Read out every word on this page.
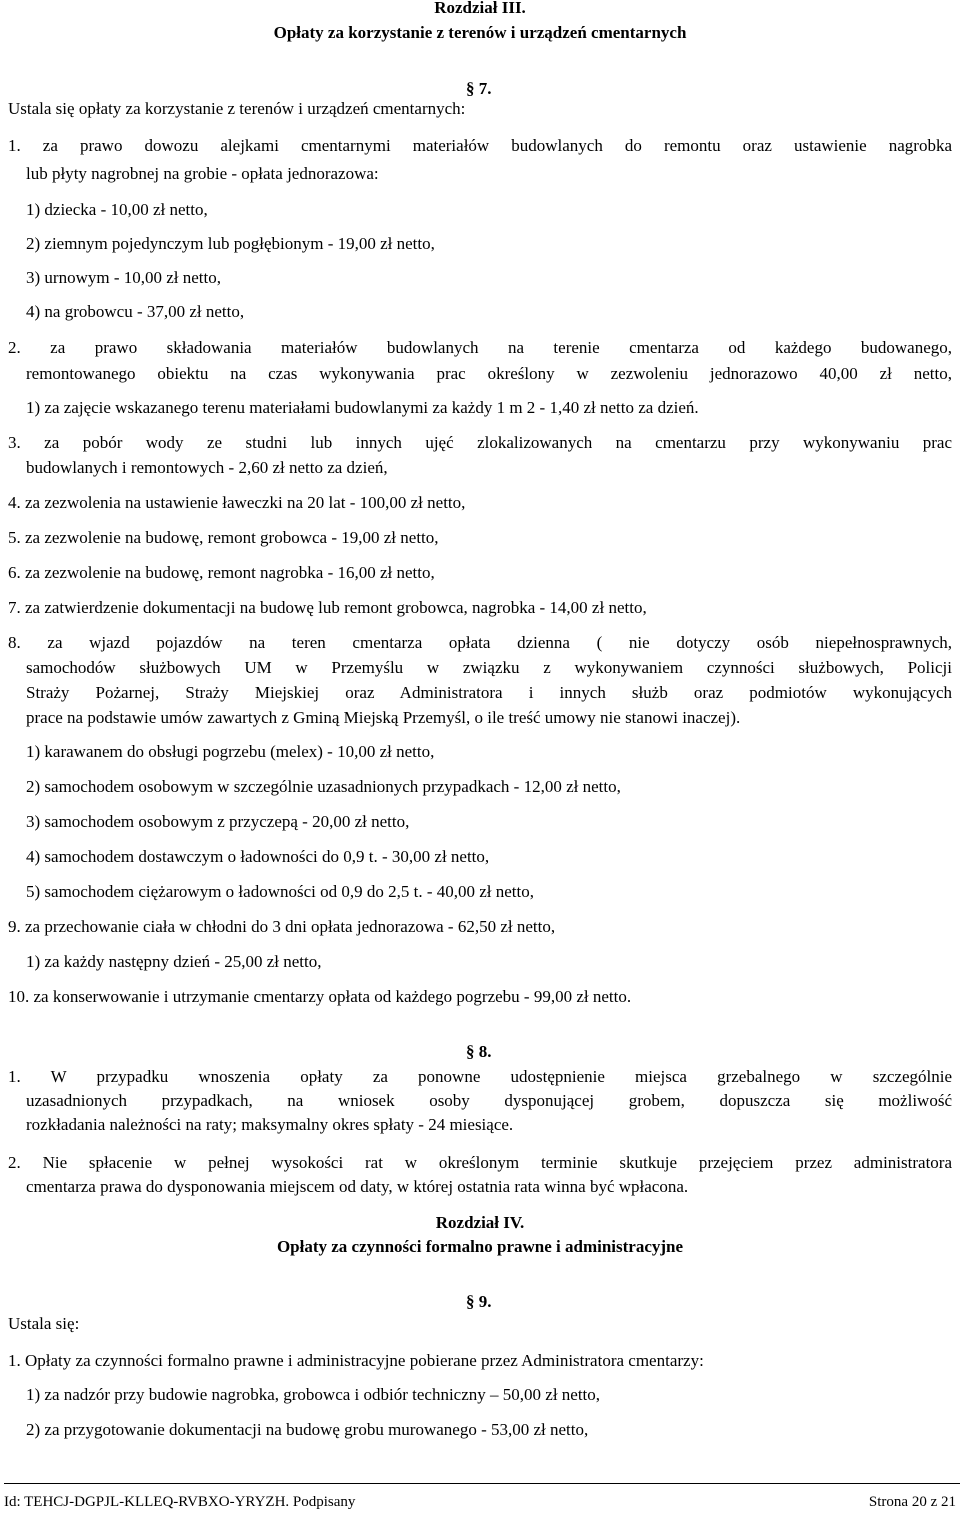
Rozdział III.
Opłaty za korzystanie z terenów i urządzeń cmentarnych
§ 7.
Ustala się opłaty za korzystanie z terenów i urządzeń cmentarnych:
1. za prawo dowozu alejkami cmentarnymi materiałów budowlanych do remontu oraz ustawienie nagrobka
lub płyty nagrobnej na grobie - opłata jednorazowa:
1) dziecka - 10,00 zł netto,
2) ziemnym pojedynczym lub pogłębionym - 19,00 zł netto,
3) urnowym - 10,00 zł netto,
4) na grobowcu - 37,00 zł netto,
2. za prawo składowania materiałów budowlanych na terenie cmentarza od każdego budowanego,
remontowanego obiektu na czas wykonywania prac określony w zezwoleniu jednorazowo 40,00 zł netto,
1) za zajęcie wskazanego terenu materiałami budowlanymi za każdy 1 m 2 - 1,40 zł netto za dzień.
3. za pobór wody ze studni lub innych ujęć zlokalizowanych na cmentarzu przy wykonywaniu prac
budowlanych i remontowych - 2,60 zł netto za dzień,
4. za zezwolenia na ustawienie ławeczki na 20 lat - 100,00 zł netto,
5. za zezwolenie na budowę, remont grobowca - 19,00 zł netto,
6. za zezwolenie na budowę, remont nagrobka - 16,00 zł netto,
7. za zatwierdzenie dokumentacji na budowę lub remont grobowca, nagrobka - 14,00 zł netto,
8. za wjazd pojazdów na teren cmentarza opłata dzienna ( nie dotyczy osób niepełnosprawnych,
samochodów służbowych UM w Przemyślu w związku z wykonywaniem czynności służbowych, Policji
Straży Pożarnej, Straży Miejskiej oraz Administratora i innych służb oraz podmiotów wykonujących
prace na podstawie umów zawartych z Gminą Miejską Przemyśl, o ile treść umowy nie stanowi inaczej).
1) karawanem do obsługi pogrzebu (melex) - 10,00 zł netto,
2) samochodem osobowym w szczególnie uzasadnionych przypadkach - 12,00 zł netto,
3) samochodem osobowym z przyczepą - 20,00 zł netto,
4) samochodem dostawczym o ładowności do 0,9 t. - 30,00 zł netto,
5) samochodem ciężarowym o ładowności od 0,9 do 2,5 t. - 40,00 zł netto,
9. za przechowanie ciała w chłodni do 3 dni opłata jednorazowa - 62,50 zł netto,
1) za każdy następny dzień - 25,00 zł netto,
10. za konserwowanie i utrzymanie cmentarzy opłata od każdego pogrzebu - 99,00 zł netto.
§ 8.
1. W przypadku wnoszenia opłaty za ponowne udostępnienie miejsca grzebalnego w szczególnie
uzasadnionych przypadkach, na wniosek osoby dysponującej grobem, dopuszcza się możliwość
rozkładania należności na raty; maksymalny okres spłaty - 24 miesiące.
2. Nie spłacenie w pełnej wysokości rat w określonym terminie skutkuje przejęciem przez administratora
cmentarza prawa do dysponowania miejscem od daty, w której ostatnia rata winna być wpłacona.
Rozdział IV.
Opłaty za czynności formalno prawne i administracyjne
§ 9.
Ustala się:
1. Opłaty za czynności formalno prawne i administracyjne pobierane przez Administratora cmentarzy:
1) za nadzór przy budowie nagrobka, grobowca i odbiór techniczny – 50,00 zł netto,
2) za przygotowanie dokumentacji na budowę grobu murowanego - 53,00 zł netto,
Id: TEHCJ-DGPJL-KLLEQ-RVBXO-YRYZH. Podpisany	Strona 20 z 21
